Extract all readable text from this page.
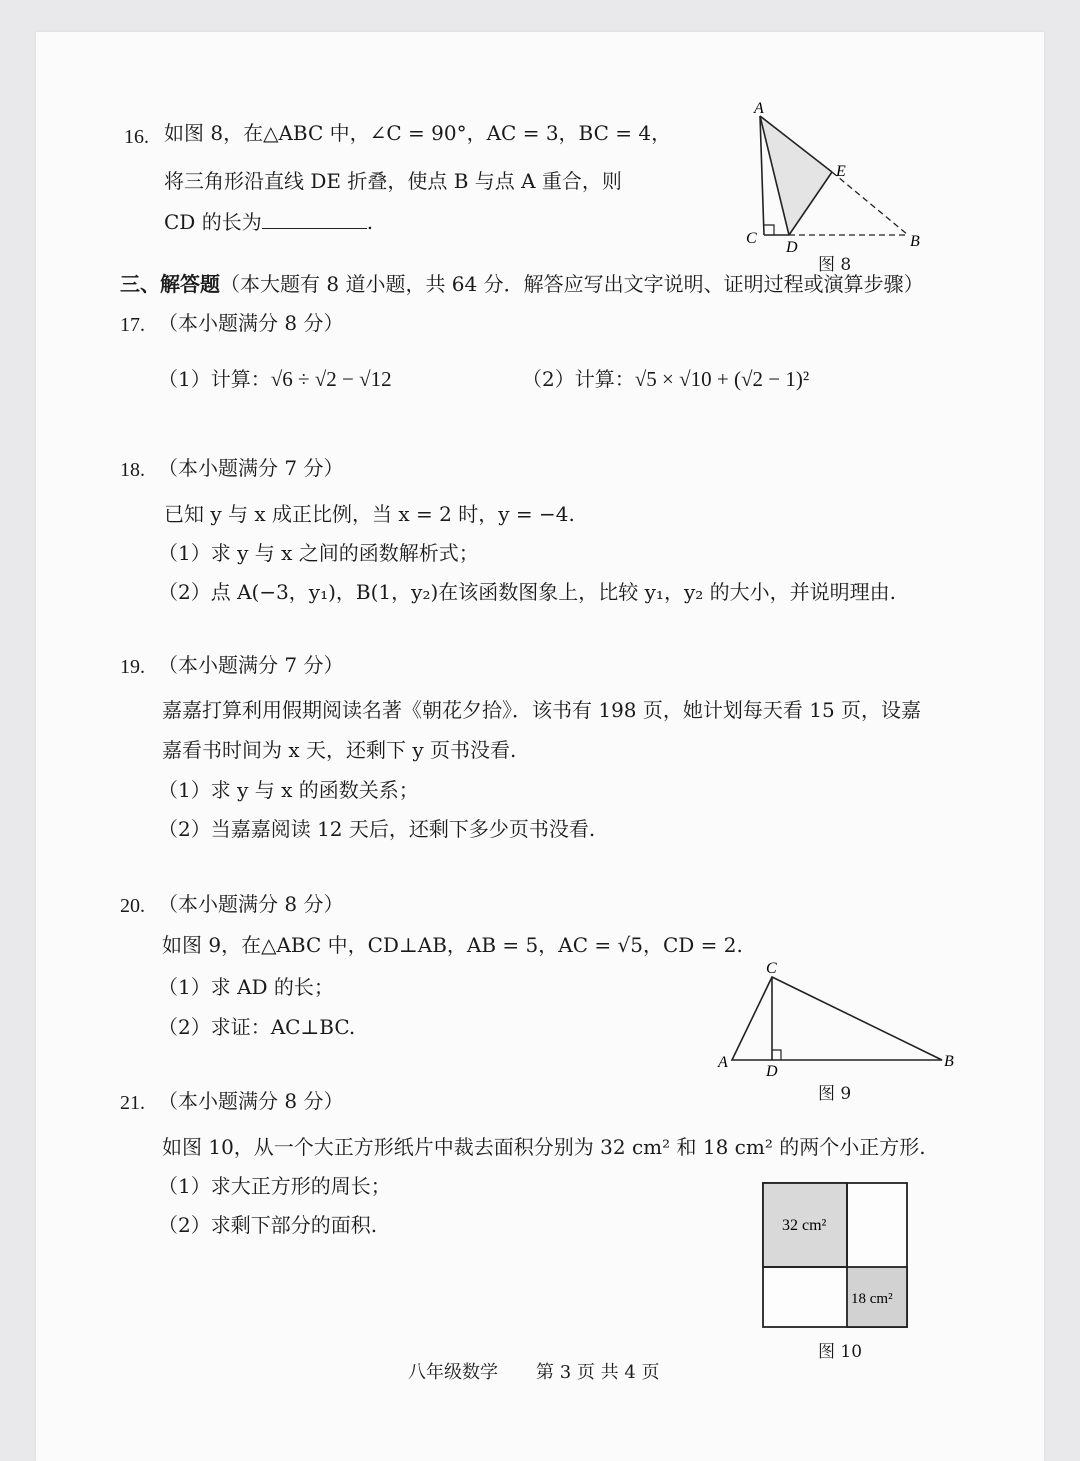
16. 如图 8，在△ABC 中，∠C = 90°，AC = 3，BC = 4，
将三角形沿直线 DE 折叠，使点 B 与点 A 重合，则
CD 的长为	.
A
B
C
D
E
图 8
三、解答题（本大题有 8 道小题，共 64 分．解答应写出文字说明、证明过程或演算步骤）
17. （本小题满分 8 分）
（1）计算：√6 ÷ √2 − √12	（2）计算：√5 × √10 + (√2 − 1)²
18. （本小题满分 7 分）
已知 y 与 x 成正比例，当 x = 2 时，y = −4.
（1）求 y 与 x 之间的函数解析式；
（2）点 A(−3，y₁)，B(1，y₂)在该函数图象上，比较 y₁，y₂ 的大小，并说明理由.
19. （本小题满分 7 分）
嘉嘉打算利用假期阅读名著《朝花夕拾》．该书有 198 页，她计划每天看 15 页，设嘉
嘉看书时间为 x 天，还剩下 y 页书没看.
（1）求 y 与 x 的函数关系；
（2）当嘉嘉阅读 12 天后，还剩下多少页书没看.
20. （本小题满分 8 分）
如图 9，在△ABC 中，CD⊥AB，AB = 5，AC = √5，CD = 2.
（1）求 AD 的长；
（2）求证：AC⊥BC.
C
A	B
D
图 9
21. （本小题满分 8 分）
如图 10，从一个大正方形纸片中裁去面积分别为 32 cm² 和 18 cm² 的两个小正方形.
（1）求大正方形的周长；
（2）求剩下部分的面积.	32 cm²
18 cm²
图 10
八年级数学 第 3 页 共 4 页
